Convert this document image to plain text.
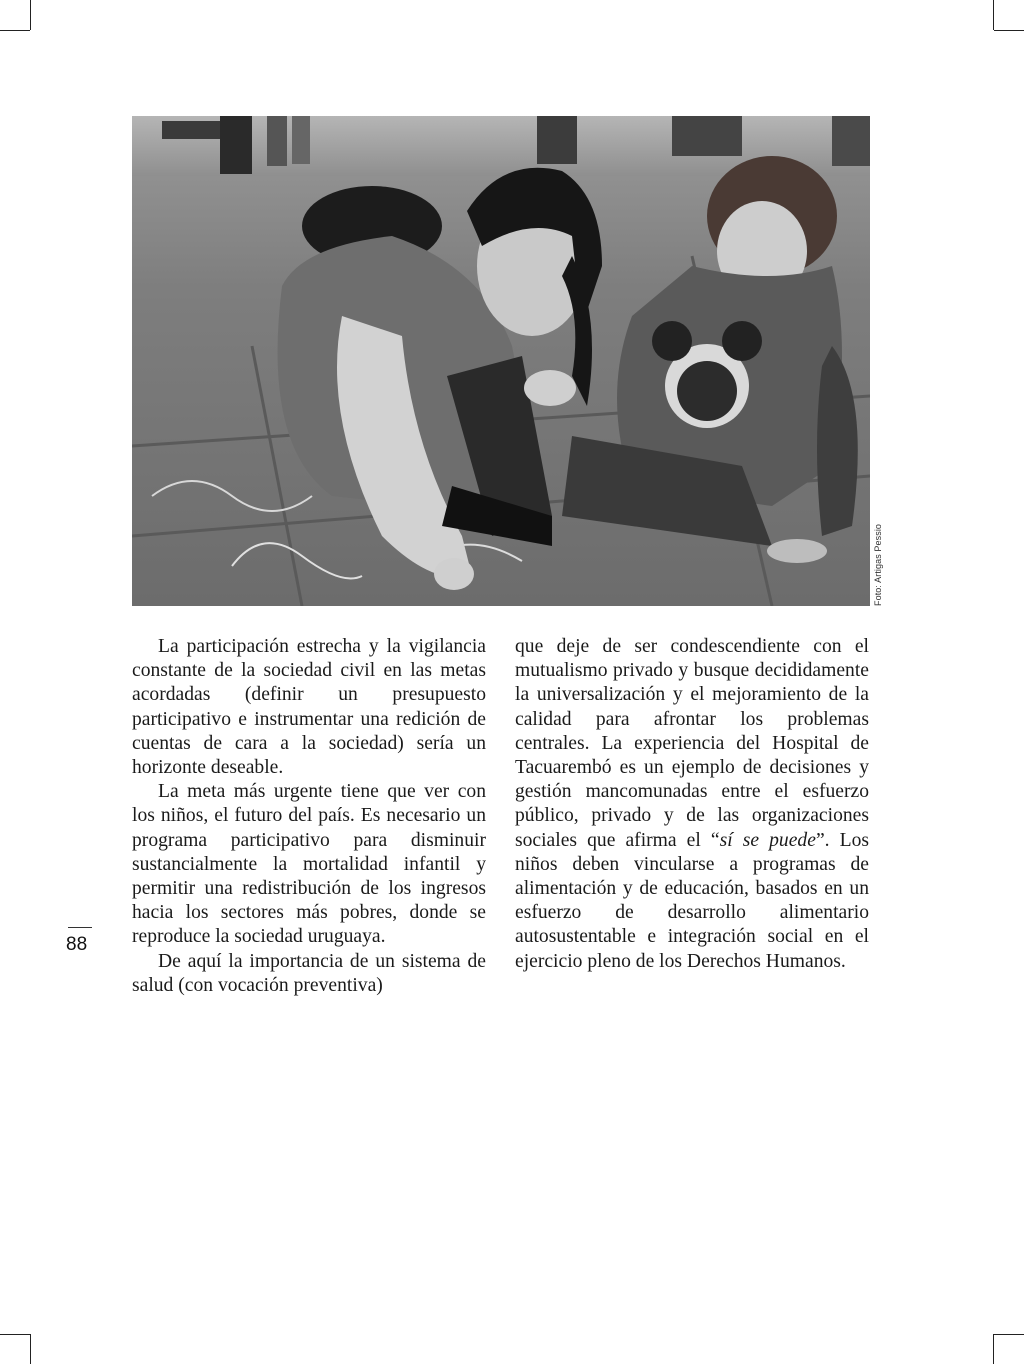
Foto: Artigas Pessio

La participación estrecha y la vigilancia constante de la sociedad civil en las metas acordadas (definir un presupuesto participativo e instrumentar una redición de cuentas de cara a la sociedad) sería un horizonte deseable.

La meta más urgente tiene que ver con los niños, el futuro del país. Es necesario un programa participativo para disminuir sustancialmente la mortalidad infantil y permitir una redistribución de los ingresos hacia los sectores más pobres, donde se reproduce la sociedad uruguaya.

De aquí la importancia de un sistema de salud (con vocación preventiva)

que deje de ser condescendiente con el mutualismo privado y busque decididamente la universalización y el mejoramiento de la calidad para afrontar los problemas centrales. La experiencia del Hospital de Tacuarembó es un ejemplo de decisiones y gestión mancomunadas entre el esfuerzo público, privado y de las organizaciones sociales que afirma el “sí se puede”. Los niños deben vincularse a programas de alimentación y de educación, basados en un esfuerzo de desarrollo alimentario autosustentable e integración social en el ejercicio pleno de los Derechos Humanos.

88
